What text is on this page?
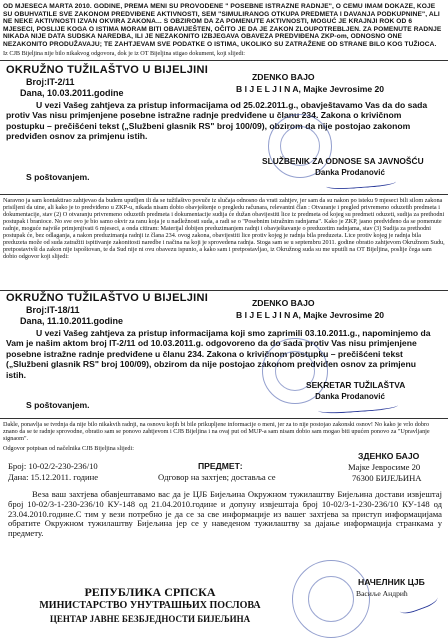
OD MJESECA MARTA 2010. GODINE, PREMA MENI SU PROVODENE " POSEBNE ISTRAŽNE RADNJE", O ČEMU IMAM DOKAZE, KOJE SU OBUHVATILE SVE ZAKONOM PREDVIĐENE AKTIVNOSTI, SEM "SIMULIRANOG OTKUPA PREDMETA I DAVANJA PODKUPNINE", ALI NE NEKE AKTIVNOSTI IZVAN OKVIRA ZAKONA... S OBZIROM DA ZA POMENUTE AKTIVNOSTI, MOGUĆ JE KRAJNJI ROK OD 6 MJESECI, POSLIJE KOGA O ISTIMA MORAM BITI OBAVIJEŠTEN, OČITO JE DA JE ZAKON ZLOUPOTREBLJEN. ZA POMENUTE RADNJE NIKADA NIJE DATA SUDSKA NAREDBA, ILI JE NEZAKONITO IZBJEGAVA OBAVEZA PREDVIĐENA ZKP-om, ODNOSNO ONE NEZAKONITO PRODUŽAVAJU; TE ZAHTJEVAM SVE PODATKE O ISTIMA, UKOLIKO SU ZATRAŽENE OD STRANE BILO KOG TUŽIOCA.
Iz CJB Bijeljina nije bilo nikakvog odgovora, dok je iz OT Bijeljina stigao dokument, koji slijedi:
OKRUŽNO TUŽILAŠTVO U BIJELJINI
Broj:IT-2/11
Dana, 10.03.2011.godine
ZDENKO BAJO
B I J E L J I N A, Majke Jevrosime 20
U vezi Vašeg zahtjeva za pristup informacijama od 25.02.2011.g., obavještavamo Vas da do sada protiv Vas nisu primjenjene posebne istražne radnje predviđene u članu 234. Zakona o krivičnom postupku – prečišćeni tekst („Službeni glasnik RS" broj 100/09), obzirom da nije postojao zakonom predviđen osnov za primjenu istih.
S poštovanjem.
SLUŽBENIK ZA ODNOSE SA JAVNOŠĆU
Danka Prodanović
Naravno ja sam kontaktirao zahtjevao da budem uputljen ili da se tužilaštvo povuče iz slučaja odnosno da vrati zahtjev, jer sam da su nakon po isteku 9 mjeseci bili silom zakona prisiljeni da uine, ali kako je to predviđeno u ZKP-u, nikada nisam dobio obavještenje o pregledu računara, relevantni član : Otvaranje i pregled privremeno oduzetih predmeta i dokumentacije, stav (2) O otvaranju privremeno oduzetih predmeta i dokumentacije sudija će dužan obavijestiti lice iz predmeta od kojeg su predmeti oduzeti, sudija za prethodni postupak i branioce. No sve ovo je bio samo okvir za ranu koja je u nadležnosti suda, a radi se o "Posebnim istražnim radnjama". Kako je ZKP, jasno predviđeno da se pomenute radnje, moguće najviše primjenjivati 6 mjeseci, a onda citiram: Materijal dobijen preduzimanjem radnji i obavještavanje o preduzetim radnjama, stav (3) Sudija za prethodni postupak će, bez odlaganja, a nakon preduzimanja radnji iz člana 234. ovog zakona, obavijestiti lice protiv kojeg je radnja bila preduzeta. Lice protiv kojeg je radnja bila preduzeta može od suda zatražiti ispitivanje zakonitosti naredbe i načina na koji je sprovedena radnja. Stoga sam se u septembru 2011. godine obratio zahtjevom Okružnom Sudu, pretpostavivši da zakon nije ispoštovan, te da Sud nije ni ovu obavezu ispunio, a kako sam i pretpostavljao, iz Okružnog suda su me uputili na OT Bijeljina, poslije čega sam dobio odgovor koji slijedi:
OKRUŽNO TUŽILAŠTVO U BIJELJINI
Broj:IT-18/11
Dana, 11.10.2011.godine
ZDENKO BAJO
B I J E L J I N A, Majke Jevrosime 20
U vezi Vašeg zahtjeva za pristup informacijama koji smo zaprimili 03.10.2011.g., napominjemo da Vam je našim aktom broj IT-2/11 od 10.03.2011.g. odgovoreno da do sada protiv Vas nisu primjenjene posebne istražne radnje predviđene u članu 234. Zakona o krivičnom postupku – prečišćeni tekst („Službeni glasnik RS" broj 100/09), obzirom da nije postojao zakonom predviđen osnov za primjenu istih.
S poštovanjem.
SEKRETAR TUŽILAŠTVA
Danka Prodanović
Dakle, ponavlja se tvrdnja da nije bilo nikakvih radnji, na osnovu kojih bi bile prikupljene informacije o meni, jer za to nije postojao zakonski osnov! No kako je vrlo dobro znano da se te radnje sprovodne, obratio sam se ponovo zahtjevom i CJB Bijeljina i na ovaj put od MUP-a sam nisam dobio sam mogao biti upućen ponovo za "Upravljanje signaom".
Odgovor potpisan od načelnika CJB Bijeljina slijedi:
Број: 10-02/2-230-236/10
Дана: 15.12.2011. године
ПРЕДМЕТ:
Одговор на захтјев; доставља се
ЗДЕНКО БАЈО
Мајке Јевросиме 20
76300 БИЈЕЉИНА
Веза ваш захтјева обавјештавамо вас да је ЦЈБ Бијељина Окружном тужилаштву Бијељина достави извјештај број 10-02/3-1-230-236/10 КУ-148 од 21.04.2010.године и допуну извјештаја број 10-02/3-1-230-236/10 КУ-148 од 23.04.2010.године.С тим у вези потребно је да се за све информације из вашег захтјева за приступ информацијама обратите Окружном тужилаштву Бијељина јер се у наведеном тужилаштву за дајање информација странкама у предмету.
НАЧЕЛНИК ЦЈБ
Васиље Андрић
РЕПУБЛИКА СРПСКА
МИНИСТАРСТВО УНУТРАШЊИХ ПОСЛОВА
ЦЕНТАР ЈАВНЕ БЕЗБЈЕДНОСТИ БИЈЕЉИНА
